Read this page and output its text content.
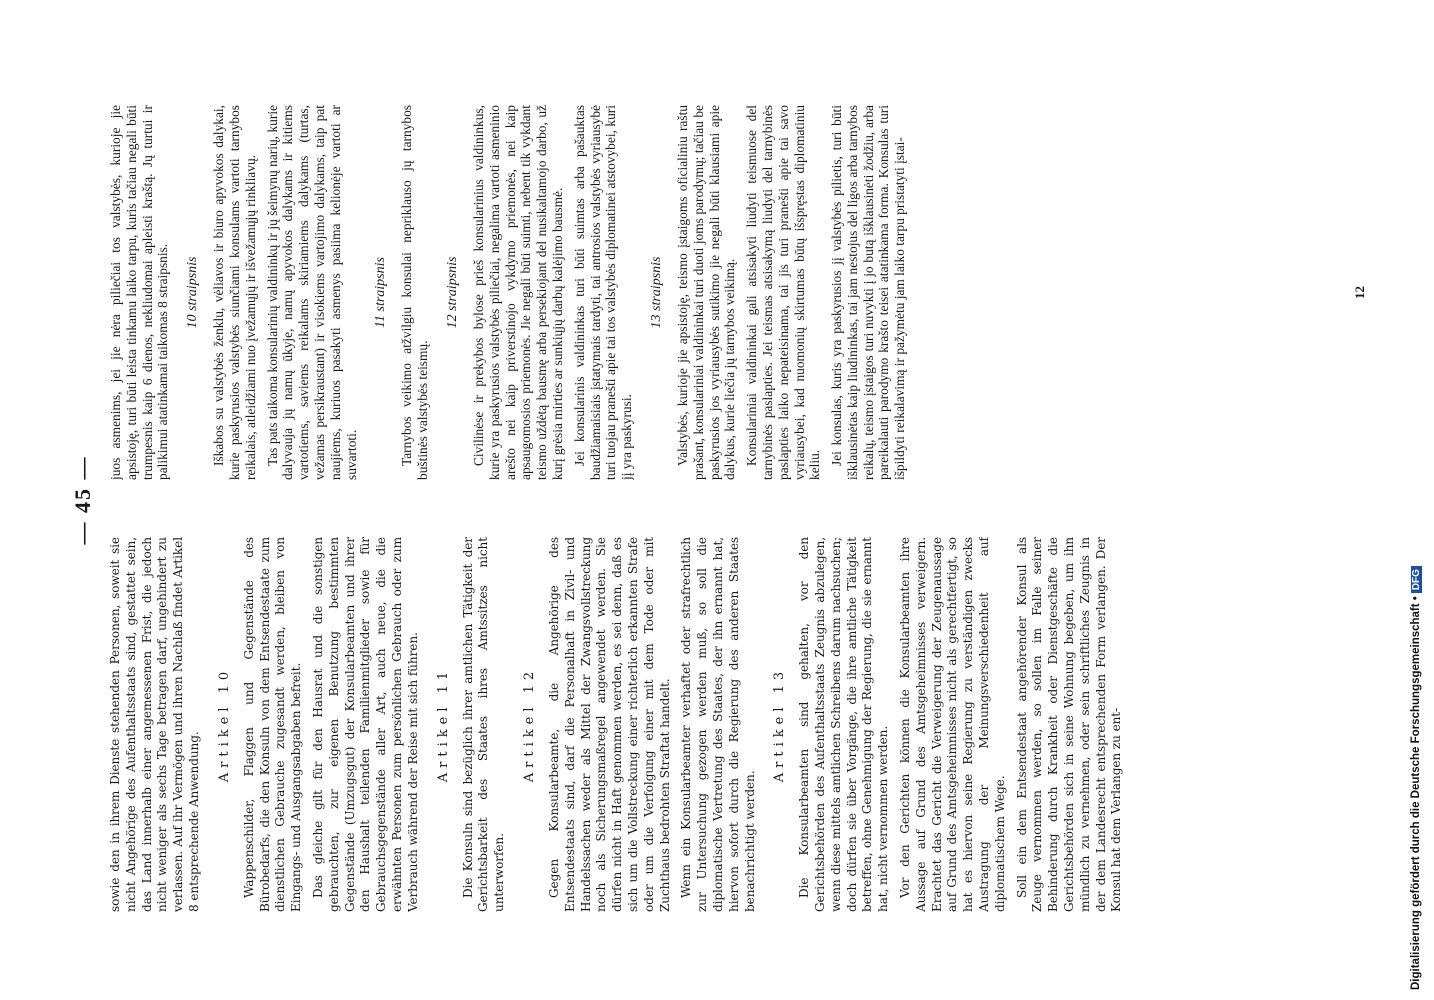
— 45 —

sowie den in ihrem Dienste stehenden Personen, soweit sie nicht Angehörige des Aufenthaltsstaats sind, gestattet sein, das Land innerhalb einer angemessenen Frist, die jedoch nicht weniger als sechs Tage betragen darf, ungehindert zu verlassen. Auf ihr Vermögen und ihren Nachlaß findet Artikel 8 entsprechende Anwendung.

Artikel 10 Wappenschilder, Flaggen und Gegenstände des Bürobedarfs, die den Konsuln von dem Entsendestaate zum dienstlichen Gebrauche zugesandt werden, bleiben von Eingangs- und Ausgangsabgaben befreit. Das gleiche gilt für den Hausrat und die sonstigen gebrauchten, zur eigenen Benutzung bestimmten Gegenstände (Umzugsgut) der Konsularbeamten und ihrer den Haushalt teilenden Familienmitglieder sowie für Gebrauchsgegenstände aller Art, auch neue, die die erwähnten Personen zum persönlichen Gebrauch oder zum Verbrauch während der Reise mit sich führen. Artikel 11 Die Konsuln sind bezüglich ihrer amtlichen Tätigkeit der Gerichtsbarkeit des Staates ihres Amtssitzes nicht unterworfen.

Artikel 12 Gegen Konsularbeamte, die Angehörige des Entsendestaats sind, darf die Personalhaft in Zivil- und Handelssachen weder als Mittel der Zwangsvollstreckung noch als Sicherungsmaßregel angewendet werden. Sie dürfen nicht in Haft genommen werden, es sei denn, daß es sich um die Vollstreckung einer richterlich erkannten Strafe oder um die Verfolgung einer mit dem Tode oder mit Zuchthaus bedrohten Straftat handelt. Wenn ein Konsularbeamter verhaftet oder strafrechtlich zur Untersuchung gezogen werden muß, so soll die diplomatische Vertretung des Staates, der ihn ernannt hat, hiervon sofort durch die Regierung des anderen Staates benachrichtigt werden.

Artikel 13 Die Konsularbeamten sind gehalten, vor den Gerichtsbehörden des Aufenthaltsstaats Zeugnis abzulegen, wenn diese mittels amtlichen Schreibens darum nachsuchen; doch dürfen sie über Vorgänge, die ihre amtliche Tätigkeit betreffen, ohne Genehmigung der Regierung, die sie ernannt hat, nicht vernommen werden. Vor den Gerichten können die Konsularbeamten ihre Aussage auf Grund des Amtsgeheimnisses verweigern. Erachtet das Gericht die Verweigerung der Zeugenaussage auf Grund des Amtsgeheimnisses nicht als gerechtfertigt, so hat es hiervon seine Regierung zu verständigen zwecks Austragung der Meinungsverschiedenheit auf diplomatischem Wege. Soll ein dem Entsendestaat angehörender Konsul als Zeuge vernommen werden, so sollen im Falle seiner Behinderung durch Krankheit oder Dienstgeschäfte die Gerichtsbehörden sich in seine Wohnung begeben, um ihn mündlich zu vernehmen, oder sein schriftliches Zeugnis in der dem Landesrecht entsprechenden Form verlangen. Der Konsul hat dem Verlangen zu ent-

juos asmenims, jei jie nėra piliečiai tos valstybės, kurioje jie apsistoję, turi būti leista tinkamu laiko tarpu, kuris tačiau negali būti trumpesnis kaip 6 dienos, nekliudomai apleisti kraštą. Jų turtui ir palikimui atatinkamai taikomas 8 straipsnis. 10 straipsnis Iškabos su valstybės ženklu, vėliavos ir biuro apyvokos dalykai, kurie paskyrusios valstybės siunčiami konsulams vartoti tarnybos reikalais, atleidžiami nuo įvežamųjų ir išvežamųjų rinkliavų. Tas pats taikoma konsularinių valdininkų ir jų šeimynų narių, kurie dalyvauja jų namų ūkyje, namų apyvokos dalykams ir kitiems vartotiems, saviems reikalams skiriamiems dalykams (turtas, vežamas persikraustant) ir visokiems vartojimo dalykams, taip pat naujiems, kuriuos pasakyti asmenys pasiima kelionėje vartoti ar suvartoti.

11 straipsnis Tarnybos veikimo atžvilgiu konsulai nepriklauso jų tarnybos buštinės valstybės teismų.

12 straipsnis Civilinėse ir prekybos bylose prieš konsularinius valdininkus, kurie yra paskyrusios valstybės piliečiai, negalima vartoti asmeninio arešto nei kaip priverstinojo vykdymo priemonės, nei kaip apsaugomosios priemonės. Jie negali būti suimti, nebent tik vykdant teismo uždėtą bausmę arba persekiojant del nusikaltamojo darbo, už kurį grėsia mirties ar sunkiųjų darbų kalėjimo bausmė. Jei konsularinis valdininkas turi būti suimtas arba pašauktas baudžiamaisiais įstatymais tardyti, tai antrosios valstybės vyriausybė turi tuojau pranešti apie tai tos valstybės diplomatinei atstovybei, kuri jį yra paskyrusi.

13 straipsnis Valstybės, kurioje jie apsistoję, teismo įstaigoms oficialiniu raštu prašant, konsulariniai valdininkai turi duoti joms parodymų; tačiau be paskyrusios jos vyriausybės sutikimo jie negali būti klausiami apie dalykus, kurie liečia jų tarnybos veikimą. Konsulariniai valdininkai gali atsisakyti liudyti teismuose del tarnybinės paslapties. Jei teismas atsisakymą liudyti del tarnybinės paslapties laiko nepateisinama, tai jis turi pranešti apie tai savo vyriausybei, kad nuomonių skirtumas būtų išspręstas diplomatiniu keliu. Jei konsulas, kuris yra paskyrusios jį valstybės pilietis, turi būti išklausinėtas kaip liudininkas, tai jam nestojus del ligos arba tarnybos reikalų, teismo įstaigos turi nuvykti į jo butą išklausinėti žodžiu, arba pareikalauti parodymo krašto teisei atatinkama forma. Konsulas turi išpildyti reikalavimą ir pažymėtu jam laiko tarpu pristatyti įstai-	12
Digitalisierung gefördert durch die Deutsche Forschungsgemeinschaft •DFG
